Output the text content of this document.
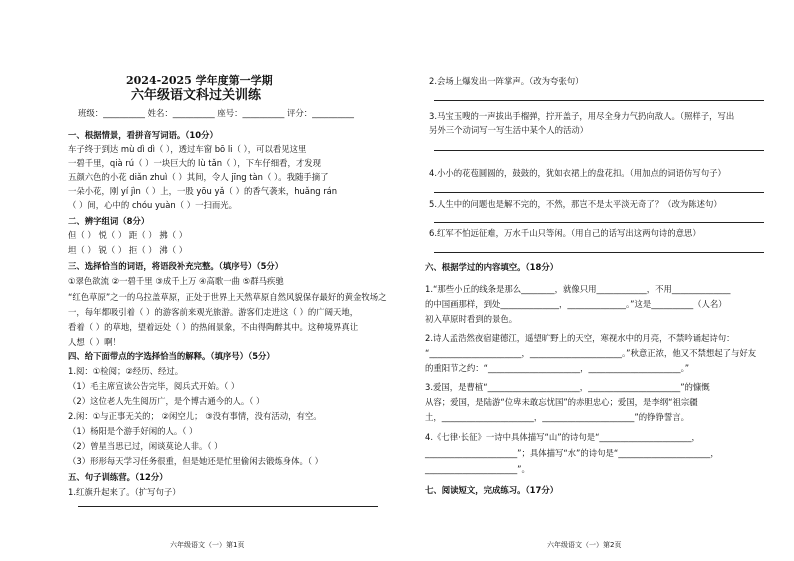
2024-2025 学年度第一学期
六年级语文科过关训练
班级：__________ 姓名：__________ 座号：__________ 评分：__________
一、根据情景，看拼音写词语。（10分）
车子终于到达 mù dì dì（ ），透过车窗 bō li（ ），可以看见这里
一碧千里，qià rú（ ）一块巨大的 lù tǎn（ ），下车仔细看，才发现
五颜六色的小花 diǎn zhuì（ ）其间，令人 jīng tàn（ ）。我随手摘了
一朵小花，刚 yí jìn（ ）上，一股 yōu yǎ（ ）的香气袭来，huǎng rán
（ ）间，心中的 chóu yuàn（ ）一扫而光。
二、辨字组词（8分）
但（ ） 悦（ ） 距（ ） 拂（ ）
坦（ ） 锐（ ） 拒（ ） 沸（ ）
三、选择恰当的词语，将语段补充完整。（填序号）（5分）
①翠色欲流 ②一碧千里 ③成千上万 ④高歌一曲 ⑤群马疾驰
“红色草原”之一的乌拉盖草原，正处于世界上天然草原自然风貌保存最好的黄金牧场之
一，每年都吸引着（ ）的游客前来观光旅游。游客们走进这（ ）的广阔天地，
看着（ ）的草地，望着远处（ ）的热闹景象，不由得陶醉其中。这种境界真让
人想（ ）啊！
四、给下面带点的字选择恰当的解释。（填序号）（5分）
1.阅：①检阅；②经历、经过。
（1）毛主席宣读公告完毕，阅兵式开始。（ ）
（2）这位老人先生阅历广，是个博古通今的人。（ ）
2.闲：①与正事无关的； ②闲空儿； ③没有事情，没有活动，有空。
（1）杨阳是个游手好闲的人。（ ）
（2）曾星当思已过，闲谈莫论人非。（ ）
（3）形形每天学习任务很重，但是她还是忙里偷闲去锻炼身体。（ ）
五、句子训练营。（12分）
1.红旗升起来了。（扩写句子）
六年级语文（一）第1页
2.会场上爆发出一阵掌声。（改为夸张句）
3.马宝玉嗖的一声拔出手榴弹，拧开盖子，用尽全身力气扔向敌人。（照样子，写出
另外三个动词写一写生活中某个人的活动）
4.小小的花苞圆圆的，鼓鼓的，犹如衣裙上的盘花扣。（用加点的词语仿写句子）
5.人生中的问题也是解不完的，不然，那岂不是太平淡无奇了？（改为陈述句）
6.红军不怕远征难，万水千山只等闲。（用自己的话写出这两句诗的意思）
六、根据学过的内容填空。（18分）
1.“那些小丘的线条是那么________，就像只用____________，不用______________
的中国画那样，到处______________，______________。”这是__________（人名）
初入草原时看到的景色。
2.诗人孟浩然夜宿建德江，遥望旷野上的天空，寒视水中的月亮，不禁吟诵起诗句：
“______________________，______________________。”秋意正浓，他又不禁想起了与好友
的重阳节之约：“______________________，______________________。”
3.爱国，是曹植“______________________，______________________”的慷慨
从容；爱国，是陆游“位卑未敢忘忧国”的赤胆忠心；爱国，是李纲“祖宗疆
土，______________________，______________________”的铮铮誓言。
4.《七律·长征》一诗中具体描写“山”的诗句是“______________________，
______________________”；具体描写“水”的诗句是“______________________，
______________________”。
七、阅读短文，完成练习。（17分）
六年级语文（一）第2页
